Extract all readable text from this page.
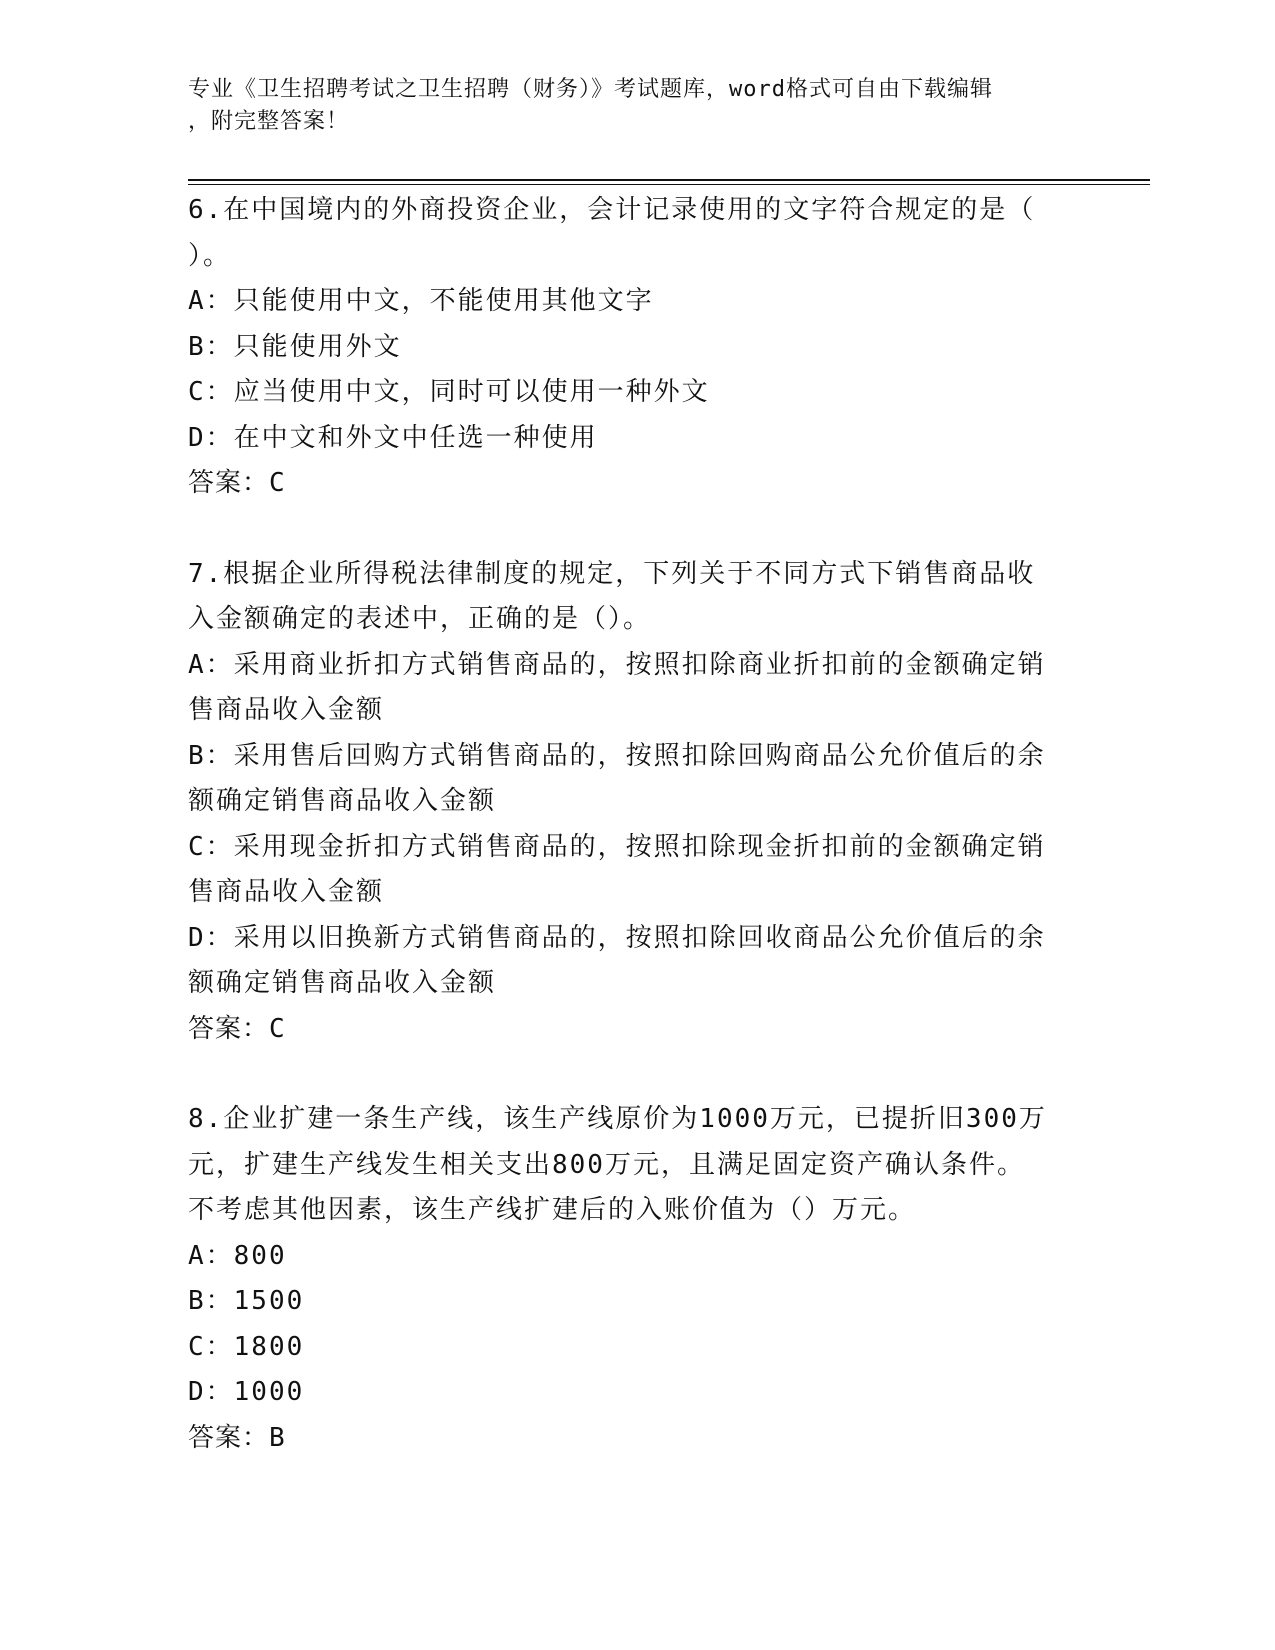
专业《卫生招聘考试之卫生招聘（财务）》考试题库，word格式可自由下载编辑
，附完整答案！
6.在中国境内的外商投资企业，会计记录使用的文字符合规定的是（
）。
A：只能使用中文，不能使用其他文字
B：只能使用外文
C：应当使用中文，同时可以使用一种外文
D：在中文和外文中任选一种使用
答案：C
7.根据企业所得税法律制度的规定，下列关于不同方式下销售商品收
入金额确定的表述中，正确的是（）。
A：采用商业折扣方式销售商品的，按照扣除商业折扣前的金额确定销
售商品收入金额
B：采用售后回购方式销售商品的，按照扣除回购商品公允价值后的余
额确定销售商品收入金额
C：采用现金折扣方式销售商品的，按照扣除现金折扣前的金额确定销
售商品收入金额
D：采用以旧换新方式销售商品的，按照扣除回收商品公允价值后的余
额确定销售商品收入金额
答案：C
8.企业扩建一条生产线，该生产线原价为1000万元，已提折旧300万
元，扩建生产线发生相关支出800万元，且满足固定资产确认条件。
不考虑其他因素，该生产线扩建后的入账价值为（）万元。
A：800
B：1500
C：1800
D：1000
答案：B
